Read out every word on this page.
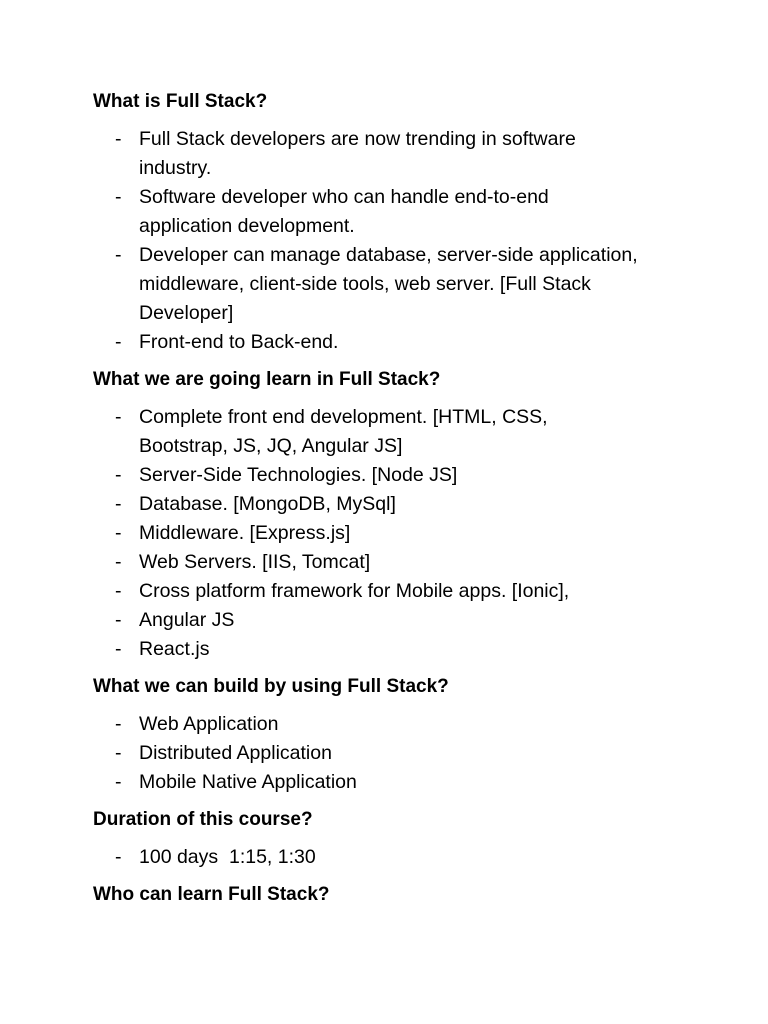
What is Full Stack?
- Full Stack developers are now trending in software industry.
- Software developer who can handle end-to-end application development.
- Developer can manage database, server-side application, middleware, client-side tools, web server. [Full Stack Developer]
- Front-end to Back-end.
What we are going learn in Full Stack?
- Complete front end development. [HTML, CSS, Bootstrap, JS, JQ, Angular JS]
- Server-Side Technologies. [Node JS]
- Database. [MongoDB, MySql]
- Middleware. [Express.js]
- Web Servers. [IIS, Tomcat]
- Cross platform framework for Mobile apps. [Ionic],
- Angular JS
- React.js
What we can build by using Full Stack?
- Web Application
- Distributed Application
- Mobile Native Application
Duration of this course?
- 100 days  1:15, 1:30
Who can learn Full Stack?
